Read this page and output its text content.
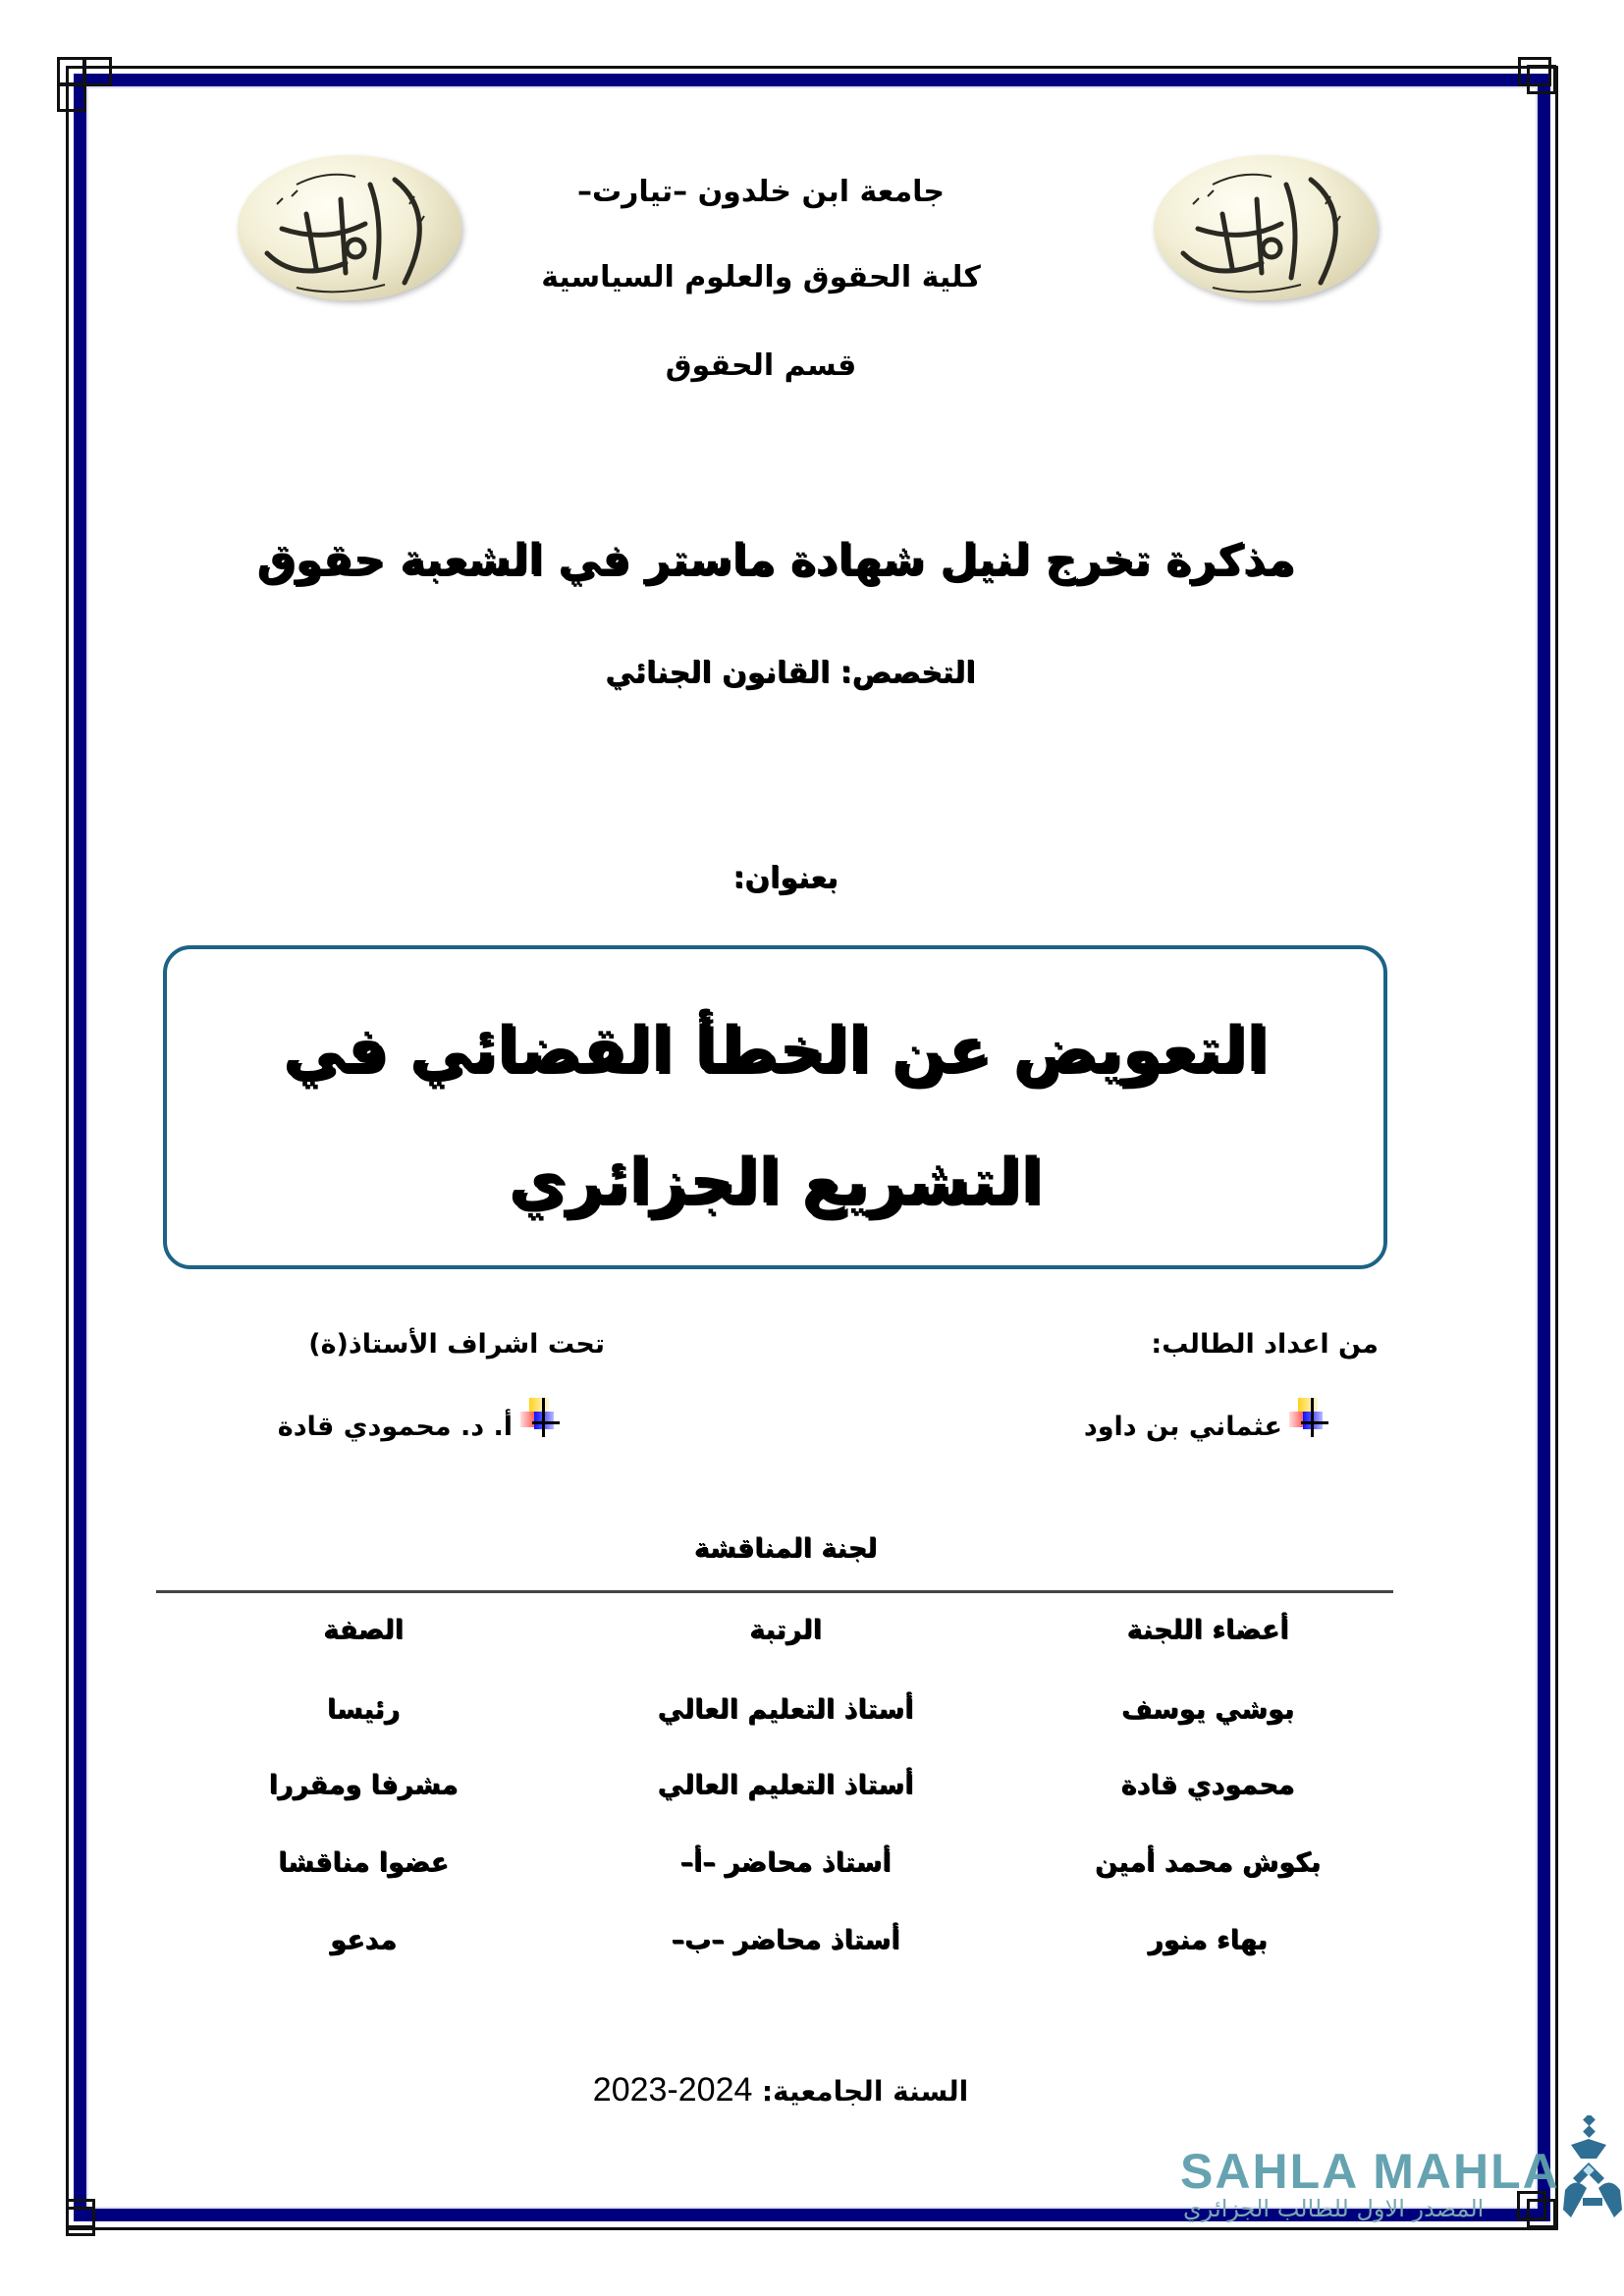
جامعة ابن خلدون –تيارت–
كلية الحقوق والعلوم السياسية
قسم الحقوق
مذكرة تخرج لنيل شهادة ماستر في الشعبة حقوق
التخصص: القانون الجنائي
بعنوان:
التعويض عن الخطأ القضائي في
التشريع الجزائري
من اعداد الطالب:
عثماني بن داود
تحت اشراف الأستاذ(ة)
أ. د. محمودي قادة
لجنة المناقشة
أعضاء اللجنة
الرتبة
الصفة
بوشي يوسف
أستاذ التعليم العالي
رئيسا
محمودي قادة
أستاذ التعليم العالي
مشرفا ومقررا
بكوش محمد أمين
أستاذ محاضر –أ–
عضوا مناقشا
بهاء منور
أستاذ محاضر –ب–
مدعو
السنة الجامعية: 2023-2024
SAHLA MAHLA
المصدر الاول للطالب الجزائري
